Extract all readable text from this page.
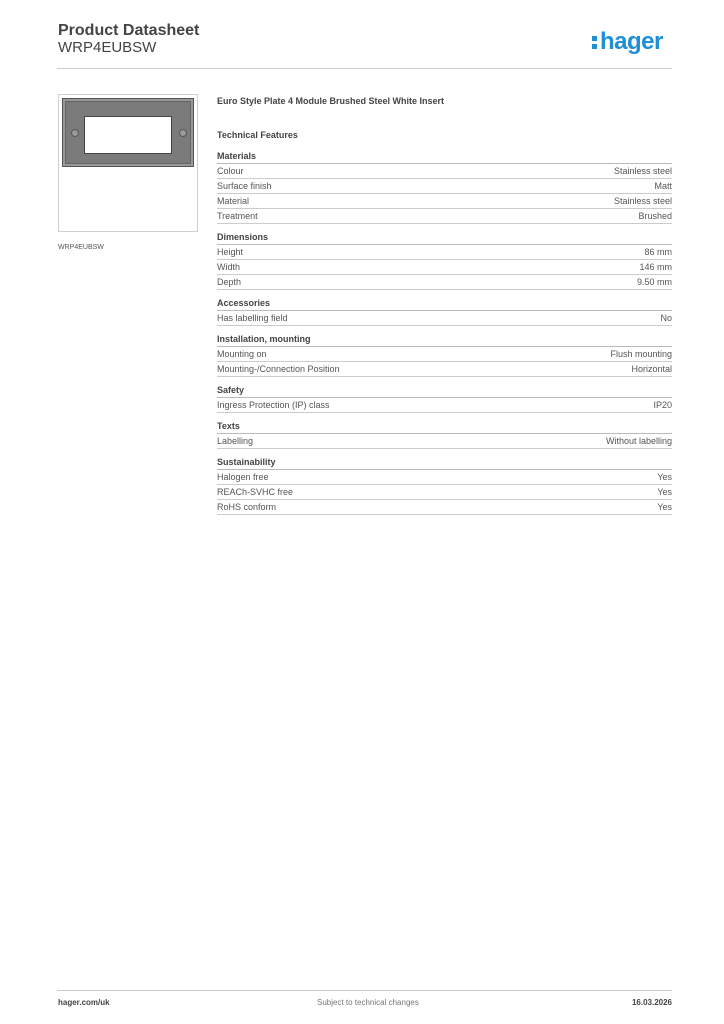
Product Datasheet
WRP4EUBSW	hager
WRP4EUBSW
Euro Style Plate 4 Module Brushed Steel White Insert
Technical Features
Materials
Colour	Stainless steel
Surface finish	Matt
Material	Stainless steel
Treatment	Brushed
Dimensions
Height	86 mm
Width	146 mm
Depth	9.50 mm
Accessories
Has labelling field	No
Installation, mounting
Mounting on	Flush mounting
Mounting-/Connection Position	Horizontal
Safety
Ingress Protection (IP) class	IP20
Texts
Labelling	Without labelling
Sustainability
Halogen free	Yes
REACh-SVHC free	Yes
RoHS conform	Yes
hager.com/uk	Subject to technical changes	16.03.2026
